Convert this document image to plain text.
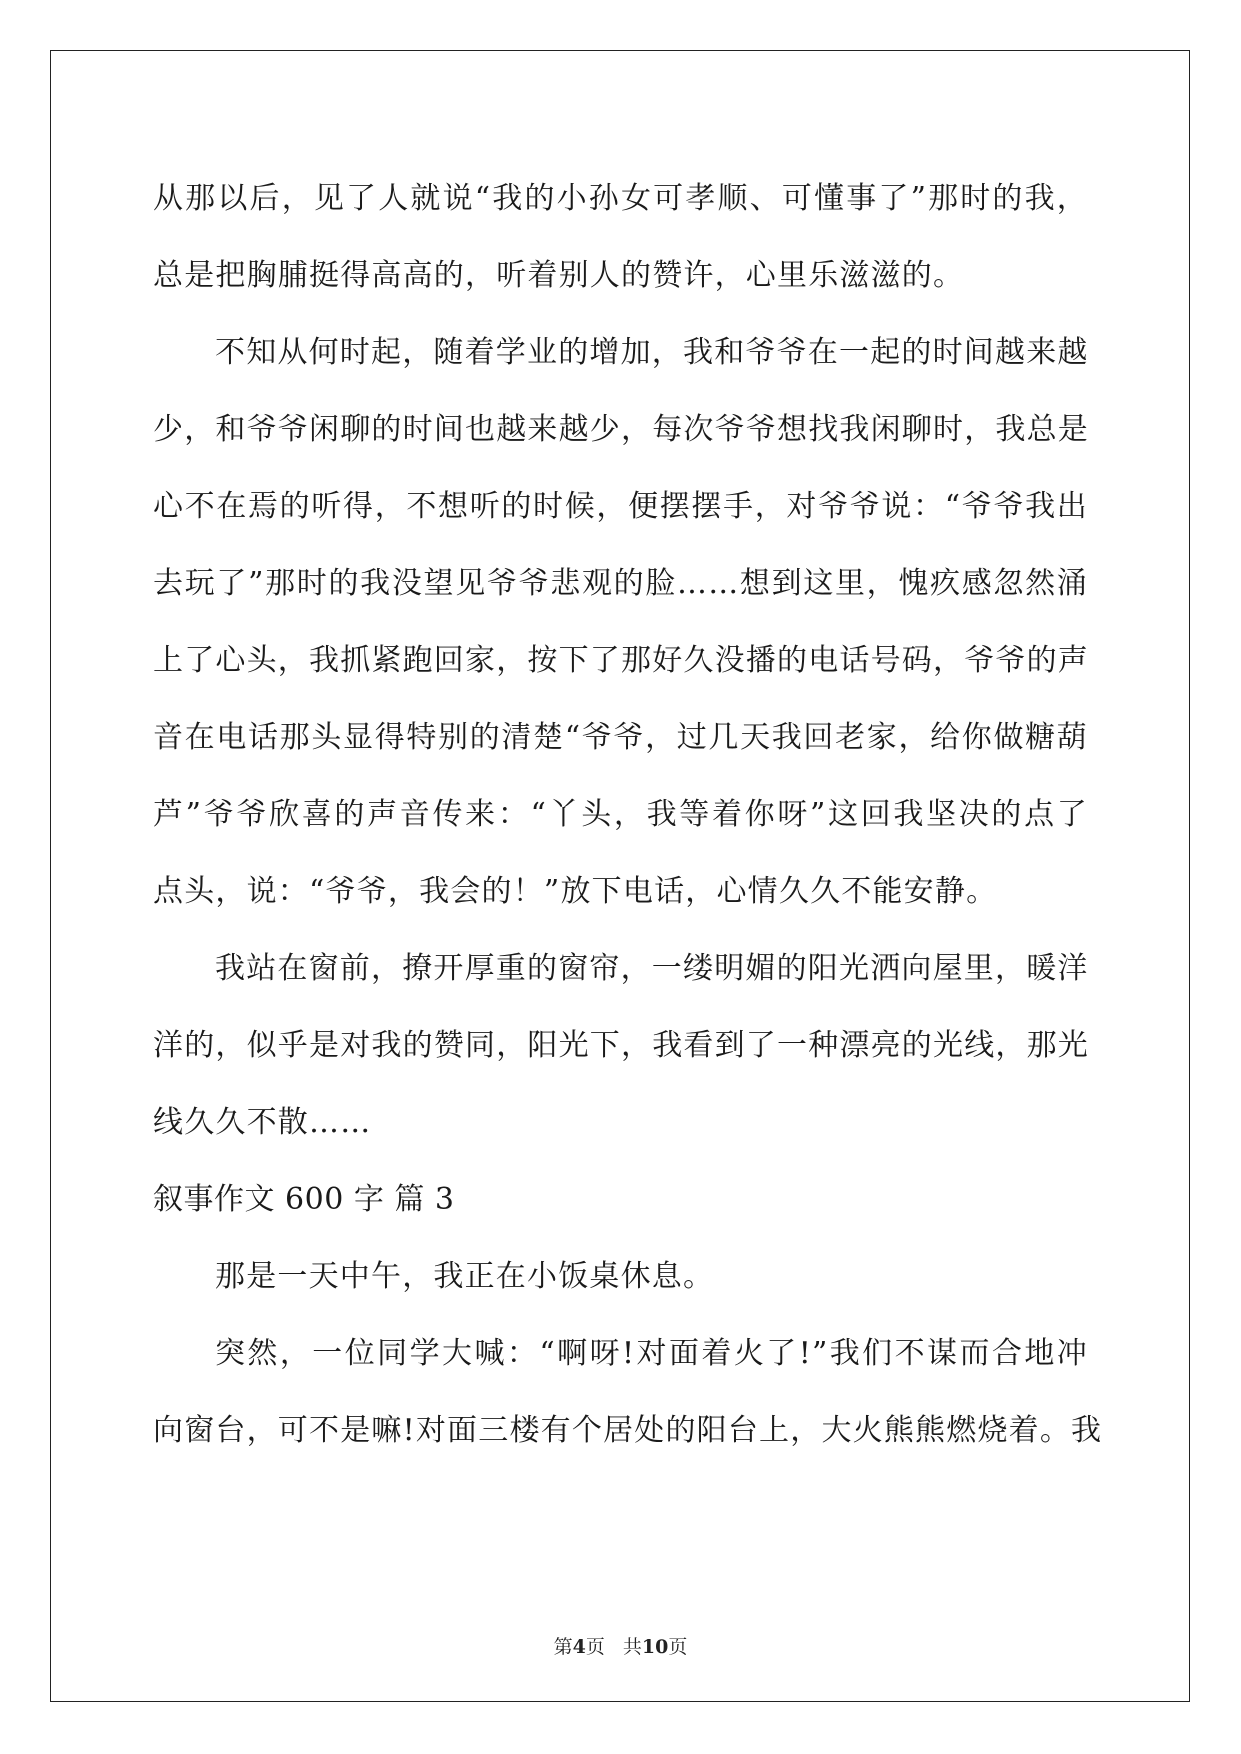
从那以后，见了人就说“我的小孙女可孝顺、可懂事了”那时的我，
总是把胸脯挺得高高的，听着别人的赞许，心里乐滋滋的。
不知从何时起，随着学业的增加，我和爷爷在一起的时间越来越
少，和爷爷闲聊的时间也越来越少，每次爷爷想找我闲聊时，我总是
心不在焉的听得，不想听的时候，便摆摆手，对爷爷说：“爷爷我出
去玩了”那时的我没望见爷爷悲观的脸……想到这里，愧疚感忽然涌
上了心头，我抓紧跑回家，按下了那好久没播的电话号码，爷爷的声
音在电话那头显得特别的清楚“爷爷，过几天我回老家，给你做糖葫
芦”爷爷欣喜的声音传来：“丫头，我等着你呀”这回我坚决的点了
点头，说：“爷爷，我会的！”放下电话，心情久久不能安静。
我站在窗前，撩开厚重的窗帘，一缕明媚的阳光洒向屋里，暖洋
洋的，似乎是对我的赞同，阳光下，我看到了一种漂亮的光线，那光
线久久不散……
叙事作文 600 字 篇 3
那是一天中午，我正在小饭桌休息。
突然，一位同学大喊：“啊呀!对面着火了!”我们不谋而合地冲
向窗台，可不是嘛!对面三楼有个居处的阳台上，大火熊熊燃烧着。我
第4页 共10页
